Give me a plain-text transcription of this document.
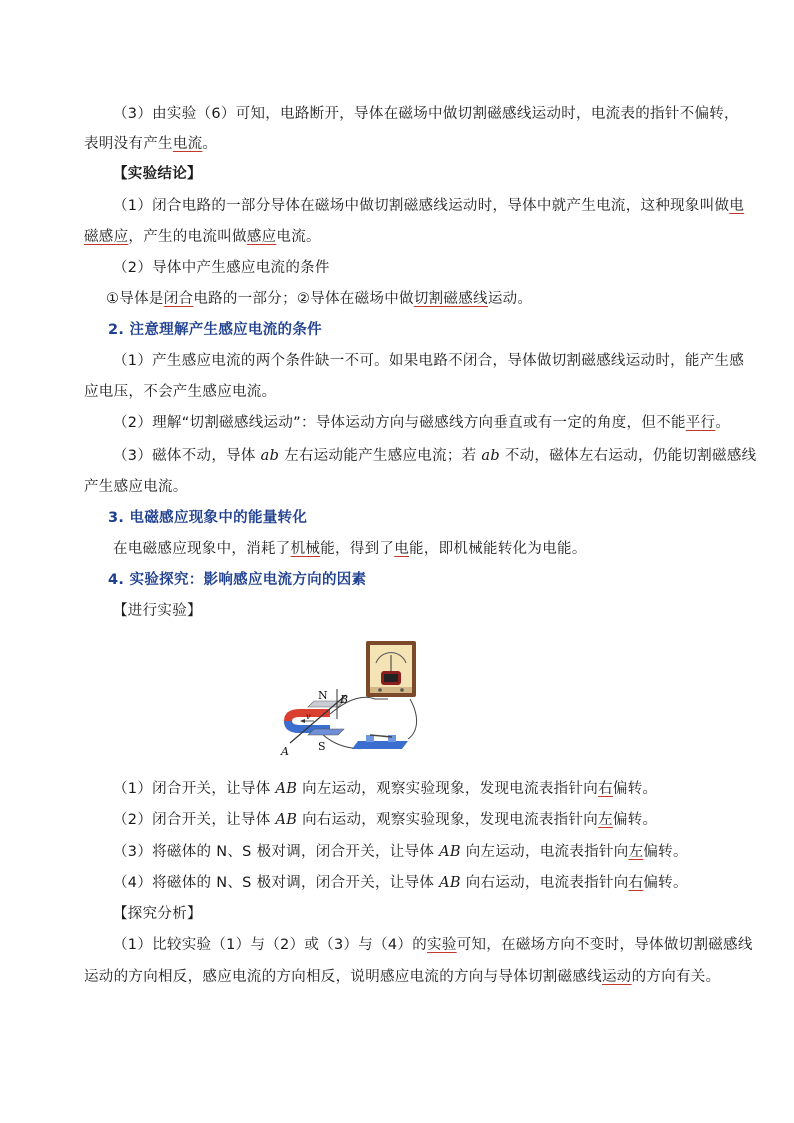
（3）由实验（6）可知，电路断开，导体在磁场中做切割磁感线运动时，电流表的指针不偏转，
表明没有产生电流。
【实验结论】
（1）闭合电路的一部分导体在磁场中做切割磁感线运动时，导体中就产生电流，这种现象叫做电
磁感应，产生的电流叫做感应电流。
（2）导体中产生感应电流的条件
①导体是闭合电路的一部分；②导体在磁场中做切割磁感线运动。
2. 注意理解产生感应电流的条件
（1）产生感应电流的两个条件缺一不可。如果电路不闭合，导体做切割磁感线运动时，能产生感
应电压，不会产生感应电流。
（2）理解“切割磁感线运动”：导体运动方向与磁感线方向垂直或有一定的角度，但不能平行。
（3）磁体不动，导体 ab 左右运动能产生感应电流；若 ab 不动，磁体左右运动，仍能切割磁感线
产生感应电流。
3. 电磁感应现象中的能量转化
在电磁感应现象中，消耗了机械能，得到了电能，即机械能转化为电能。
4. 实验探究：影响感应电流方向的因素
【进行实验】
N
S
A
B
v
（1）闭合开关，让导体 AB 向左运动，观察实验现象，发现电流表指针向右偏转。
（2）闭合开关，让导体 AB 向右运动，观察实验现象，发现电流表指针向左偏转。
（3）将磁体的 N、S 极对调，闭合开关，让导体 AB 向左运动，电流表指针向左偏转。
（4）将磁体的 N、S 极对调，闭合开关，让导体 AB 向右运动，电流表指针向右偏转。
【探究分析】
（1）比较实验（1）与（2）或（3）与（4）的实验可知，在磁场方向不变时，导体做切割磁感线
运动的方向相反，感应电流的方向相反，说明感应电流的方向与导体切割磁感线运动的方向有关。
